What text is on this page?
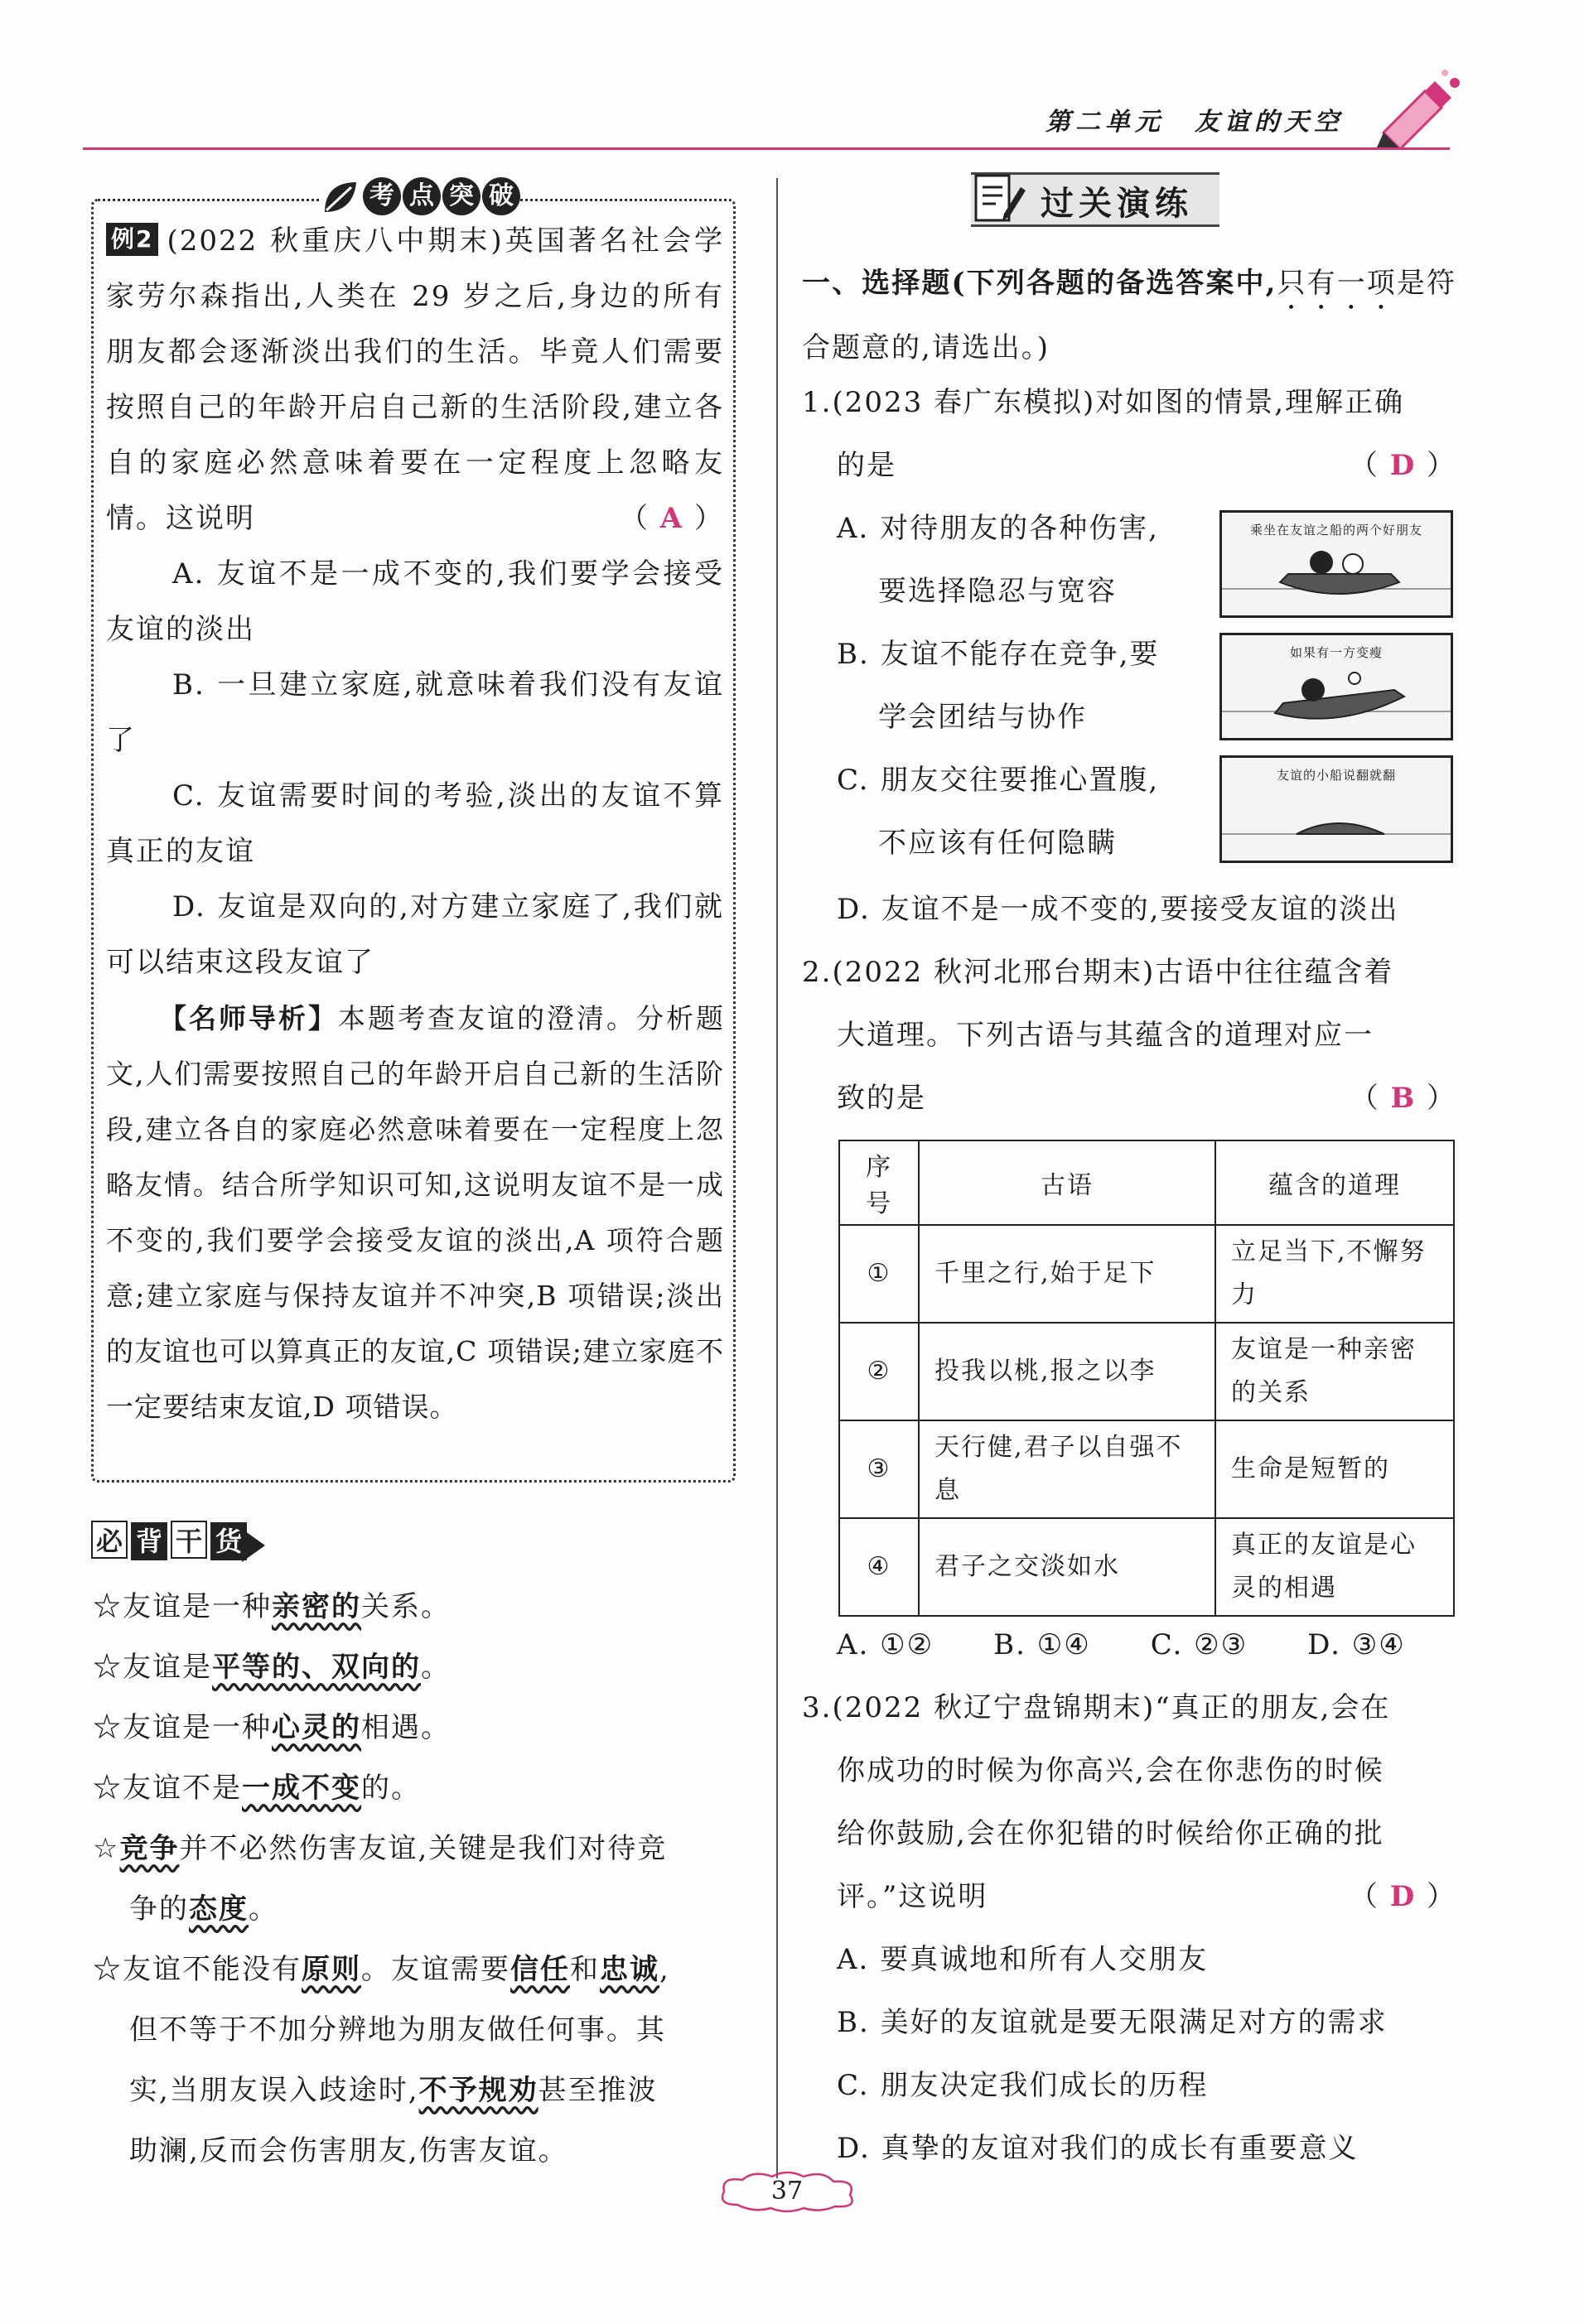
第二单元　友谊的天空
考 点 突 破
例2 (2022 秋重庆八中期末)英国著名社会学家劳尔森指出,人类在 29 岁之后,身边的所有朋友都会逐渐淡出我们的生活。毕竟人们需要按照自己的年龄开启自己新的生活阶段,建立各自的家庭必然意味着要在一定程度上忽略友情。这说明	（ A ）
A. 友谊不是一成不变的,我们要学会接受友谊的淡出
B. 一旦建立家庭,就意味着我们没有友谊了
C. 友谊需要时间的考验,淡出的友谊不算真正的友谊
D. 友谊是双向的,对方建立家庭了,我们就可以结束这段友谊了
【名师导析】本题考查友谊的澄清。分析题文,人们需要按照自己的年龄开启自己新的生活阶段,建立各自的家庭必然意味着要在一定程度上忽略友情。结合所学知识可知,这说明友谊不是一成不变的,我们要学会接受友谊的淡出,A 项符合题意;建立家庭与保持友谊并不冲突,B 项错误;淡出的友谊也可以算真正的友谊,C 项错误;建立家庭不一定要结束友谊,D 项错误。
必 背 干 货
☆友谊是一种亲密的关系。
☆友谊是平等的、双向的。
☆友谊是一种心灵的相遇。
☆友谊不是一成不变的。
☆竞争并不必然伤害友谊,关键是我们对待竞
争的态度。
☆友谊不能没有原则。友谊需要信任和忠诚,
但不等于不加分辨地为朋友做任何事。其
实,当朋友误入歧途时,不予规劝甚至推波
助澜,反而会伤害朋友,伤害友谊。
过关演练
一、选择题(下列各题的备选答案中,只有一项是符合题意的,请选出。)
1.(2023 春广东模拟)对如图的情景,理解正确
的是	（ D ）
A. 对待朋友的各种伤害,
要选择隐忍与宽容
B. 友谊不能存在竞争,要
学会团结与协作
C. 朋友交往要推心置腹,
不应该有任何隐瞒
D. 友谊不是一成不变的,要接受友谊的淡出
乘坐在友谊之船的两个好朋友
如果有一方变瘦
友谊的小船说翻就翻
2.(2022 秋河北邢台期末)古语中往往蕴含着
大道理。下列古语与其蕴含的道理对应一
致的是	（ B ）
序号	古语	蕴含的道理
①	千里之行,始于足下	立足当下,不懈努力
②	投我以桃,报之以李	友谊是一种亲密的关系
③	天行健,君子以自强不息	生命是短暂的
④	君子之交淡如水	真正的友谊是心灵的相遇
A. ①②　　B. ①④　　C. ②③　　D. ③④
3.(2022 秋辽宁盘锦期末)“真正的朋友,会在
你成功的时候为你高兴,会在你悲伤的时候
给你鼓励,会在你犯错的时候给你正确的批
评。”这说明	（ D ）
A. 要真诚地和所有人交朋友
B. 美好的友谊就是要无限满足对方的需求
C. 朋友决定我们成长的历程
D. 真挚的友谊对我们的成长有重要意义
37
